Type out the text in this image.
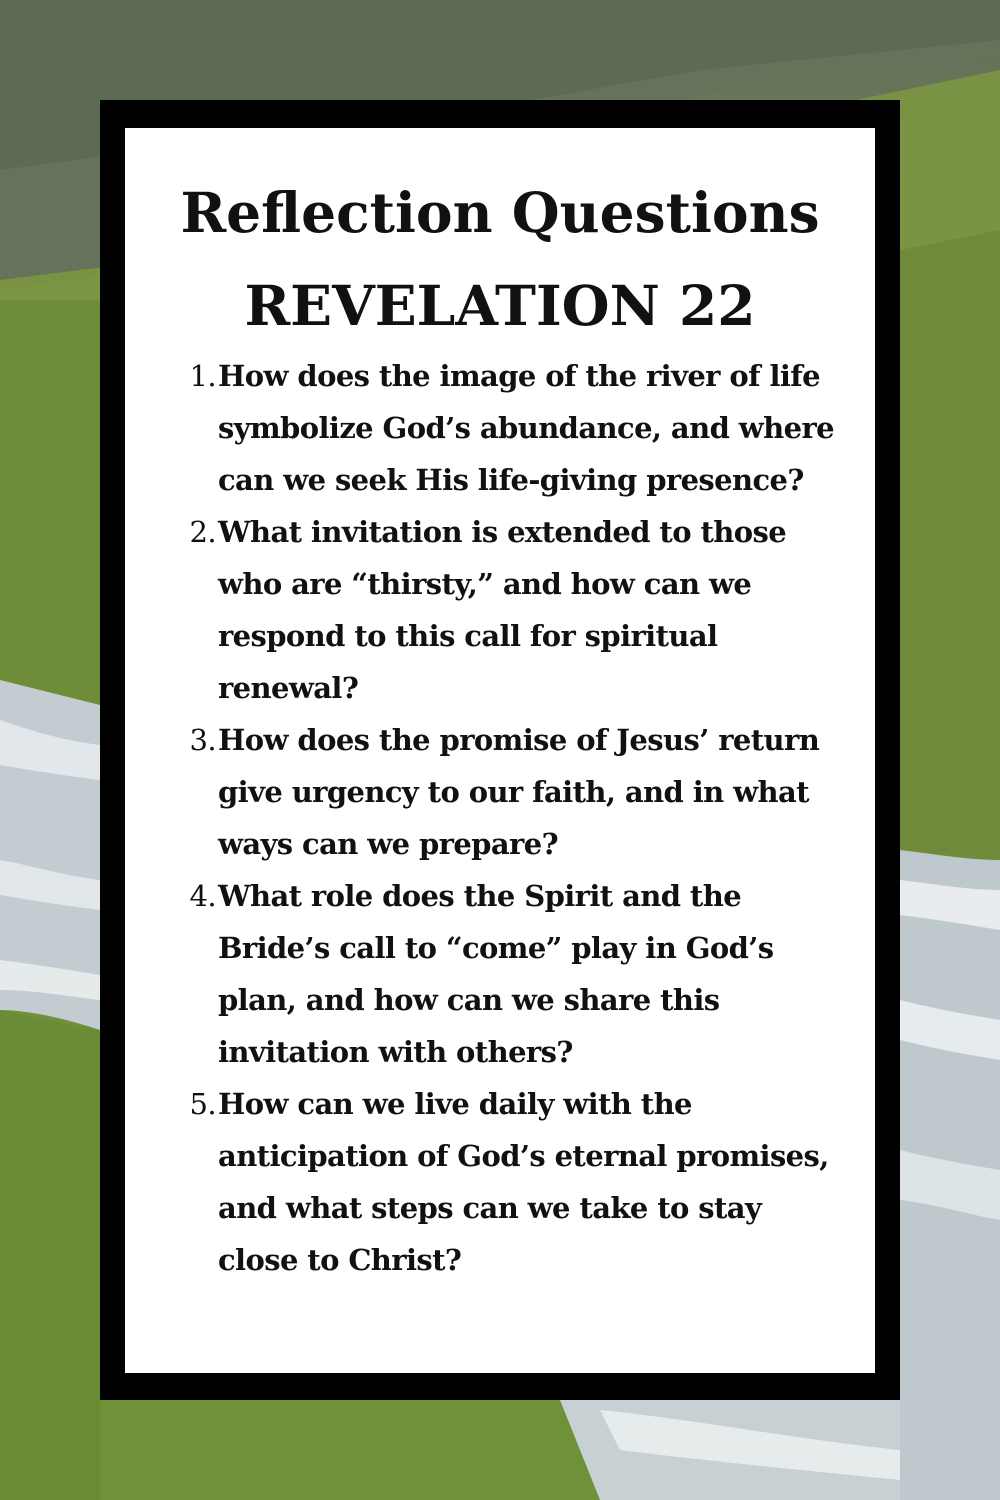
Reflection Questions
REVELATION 22
1. How does the image of the river of life symbolize God’s abundance, and where can we seek His life-giving presence?
2. What invitation is extended to those who are “thirsty,” and how can we respond to this call for spiritual renewal?
3. How does the promise of Jesus’ return give urgency to our faith, and in what ways can we prepare?
4. What role does the Spirit and the Bride’s call to “come” play in God’s plan, and how can we share this invitation with others?
5. How can we live daily with the anticipation of God’s eternal promises, and what steps can we take to stay close to Christ?
